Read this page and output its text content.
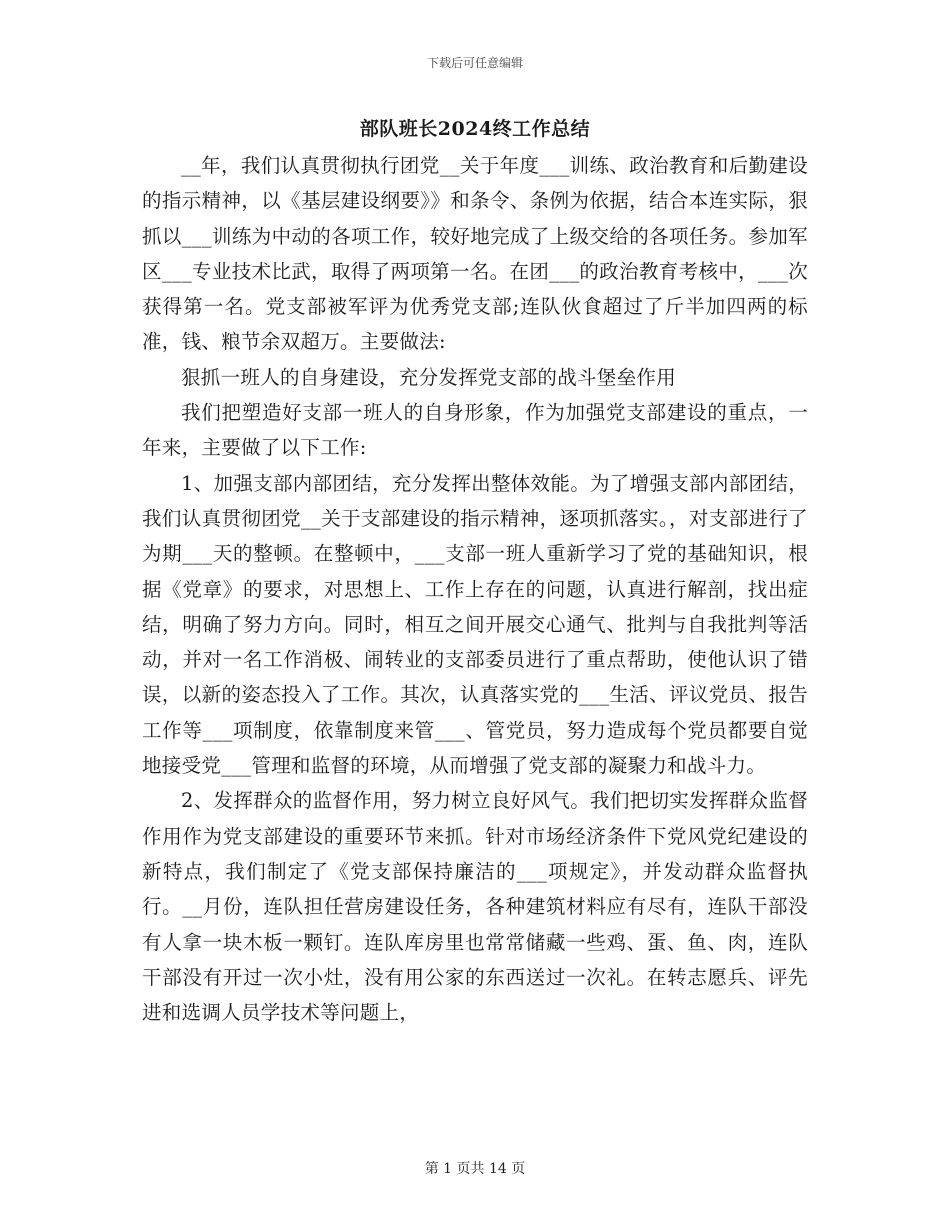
下载后可任意编辑
部队班长2024终工作总结

__年，我们认真贯彻执行团党__关于年度___训练、政治教育和后勤建设的指示精神，以《基层建设纲要》》和条令、条例为依据，结合本连实际，狠抓以___训练为中动的各项工作，较好地完成了上级交给的各项任务。参加军区___专业技术比武，取得了两项第一名。在团___的政治教育考核中，___次获得第一名。党支部被军评为优秀党支部;连队伙食超过了斤半加四两的标准，钱、粮节余双超万。主要做法:

狠抓一班人的自身建设，充分发挥党支部的战斗堡垒作用

我们把塑造好支部一班人的自身形象，作为加强党支部建设的重点，一年来，主要做了以下工作:

1、加强支部内部团结，充分发挥出整体效能。为了增强支部内部团结，我们认真贯彻团党__关于支部建设的指示精神，逐项抓落实。，对支部进行了为期___天的整顿。在整顿中，___支部一班人重新学习了党的基础知识，根据《党章》的要求，对思想上、工作上存在的问题，认真进行解剖，找出症结，明确了努力方向。同时，相互之间开展交心通气、批判与自我批判等活动，并对一名工作消极、闹转业的支部委员进行了重点帮助，使他认识了错误，以新的姿态投入了工作。其次，认真落实党的___生活、评议党员、报告工作等___项制度，依靠制度来管___、管党员，努力造成每个党员都要自觉地接受党___管理和监督的环境，从而增强了党支部的凝聚力和战斗力。

2、发挥群众的监督作用，努力树立良好风气。我们把切实发挥群众监督作用作为党支部建设的重要环节来抓。针对市场经济条件下党风党纪建设的新特点，我们制定了《党支部保持廉洁的___项规定》，并发动群众监督执行。__月份，连队担任营房建设任务，各种建筑材料应有尽有，连队干部没有人拿一块木板一颗钉。连队库房里也常常储藏一些鸡、蛋、鱼、肉，连队干部没有开过一次小灶，没有用公家的东西送过一次礼。在转志愿兵、评先进和选调人员学技术等问题上，

第 1 页共 14 页
